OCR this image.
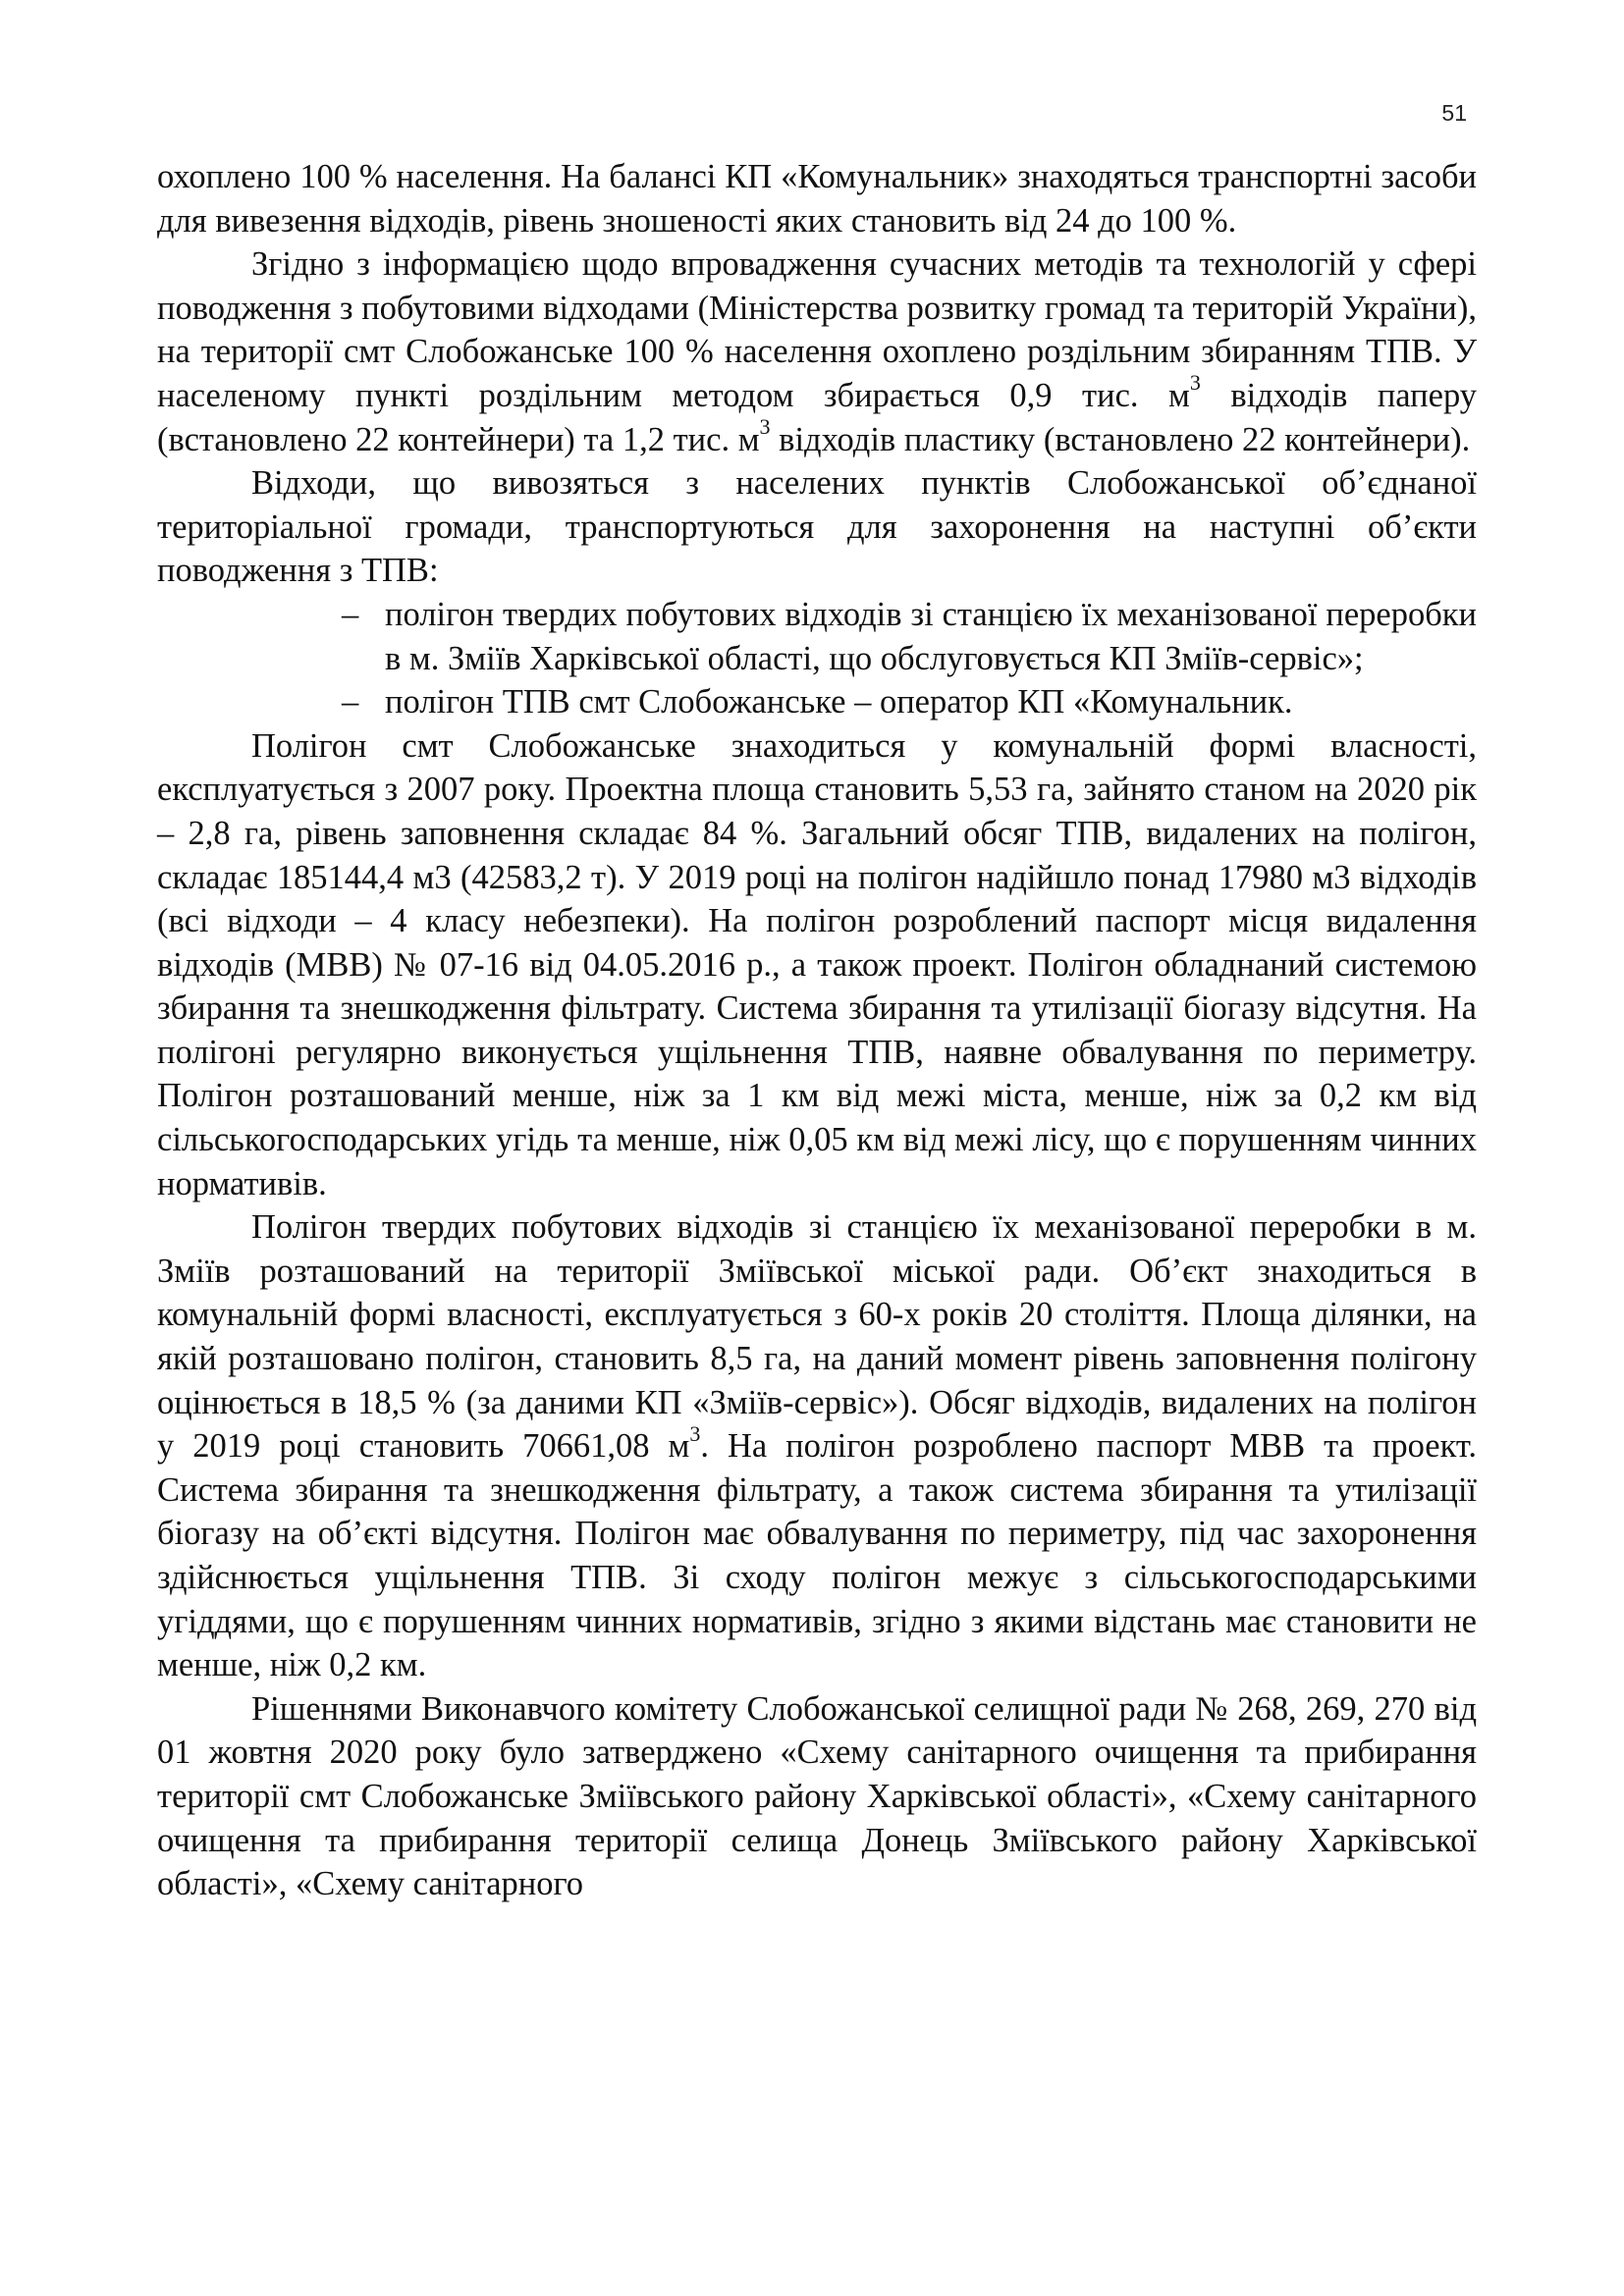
51

охоплено 100 % населення. На балансі КП «Комунальник» знаходяться транспортні засоби для вивезення відходів, рівень зношеності яких становить від 24 до 100 %.

Згідно з інформацією щодо впровадження сучасних методів та технологій у сфері поводження з побутовими відходами (Міністерства розвитку громад та територій України), на території смт Слобожанське 100 % населення охоплено роздільним збиранням ТПВ. У населеному пункті роздільним методом збирається 0,9 тис. $м^3$ відходів паперу (встановлено 22 контейнери) та 1,2 тис. $м^3$ відходів пластику (встановлено 22 контейнери).

Відходи, що вивозяться з населених пунктів Слобожанської об’єднаної територіальної громади, транспортуються для захоронення на наступні об’єкти поводження з ТПВ:

– полігон твердих побутових відходів зі станцією їх механізованої переробки в м. Зміїв Харківської області, що обслуговується КП Зміїв-сервіс»;
– полігон ТПВ смт Слобожанське – оператор КП «Комунальник.

Полігон смт Слобожанське знаходиться у комунальній формі власності, експлуатується з 2007 року. Проектна площа становить 5,53 га, зайнято станом на 2020 рік – 2,8 га, рівень заповнення складає 84 %. Загальний обсяг ТПВ, видалених на полігон, складає 185144,4 м3 (42583,2 т). У 2019 році на полігон надійшло понад 17980 м3 відходів (всі відходи – 4 класу небезпеки). На полігон розроблений паспорт місця видалення відходів (МВВ) № 07-16 від 04.05.2016 р., а також проект. Полігон обладнаний системою збирання та знешкодження фільтрату. Система збирання та утилізації біогазу відсутня. На полігоні регулярно виконується ущільнення ТПВ, наявне обвалування по периметру. Полігон розташований менше, ніж за 1 км від межі міста, менше, ніж за 0,2 км від сільськогосподарських угідь та менше, ніж 0,05 км від межі лісу, що є порушенням чинних нормативів.

Полігон твердих побутових відходів зі станцією їх механізованої переробки в м. Зміїв розташований на території Зміївської міської ради. Об’єкт знаходиться в комунальній формі власності, експлуатується з 60-х років 20 століття. Площа ділянки, на якій розташовано полігон, становить 8,5 га, на даний момент рівень заповнення полігону оцінюється в 18,5 % (за даними КП «Зміїв-сервіс»). Обсяг відходів, видалених на полігон у 2019 році становить 70661,08 $м^3$. На полігон розроблено паспорт МВВ та проект. Система збирання та знешкодження фільтрату, а також система збирання та утилізації біогазу на об’єкті відсутня. Полігон має обвалування по периметру, під час захоронення здійснюється ущільнення ТПВ. Зі сходу полігон межує з сільськогосподарськими угіддями, що є порушенням чинних нормативів, згідно з якими відстань має становити не менше, ніж 0,2 км.

Рішеннями Виконавчого комітету Слобожанської селищної ради № 268, 269, 270 від 01 жовтня 2020 року було затверджено «Схему санітарного очищення та прибирання території смт Слобожанське Зміївського району Харківської області», «Схему санітарного очищення та прибирання території селища Донець Зміївського району Харківської області», «Схему санітарного
